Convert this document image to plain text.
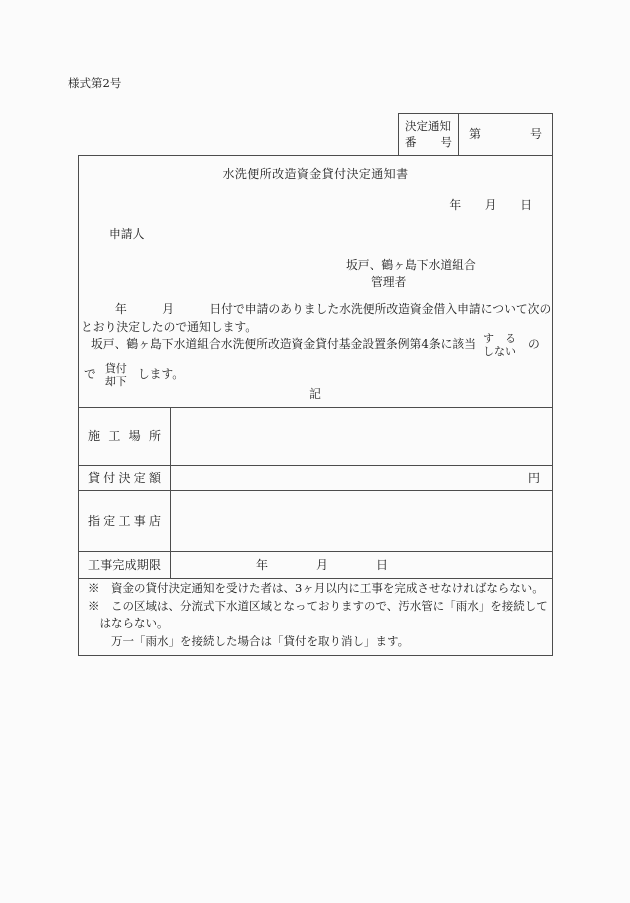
様式第2号
決定通知
番号
第	号
水洗便所改造資金貸付決定通知書
年　　月　　日
申請人
坂戸、鶴ヶ島下水道組合
管理者
年　　　月　　　日付で申請のありました水洗便所改造資金借入申請について次の
とおり決定したので通知します。
坂戸、鶴ヶ島下水道組合水洗便所改造資金貸付基金設置条例第4条に該当 す　る
しない
の
で 貸付
却下
します。
記
施工場所
貸付決定額	円
指定工事店
工事完成期限	年　　　　月　　　　日
※　資金の貸付決定通知を受けた者は、3ヶ月以内に工事を完成させなければならない。
※　この区域は、分流式下水道区域となっておりますので、汚水管に「雨水」を接続して
　はならない。
　　万一「雨水」を接続した場合は「貸付を取り消し」ます。
